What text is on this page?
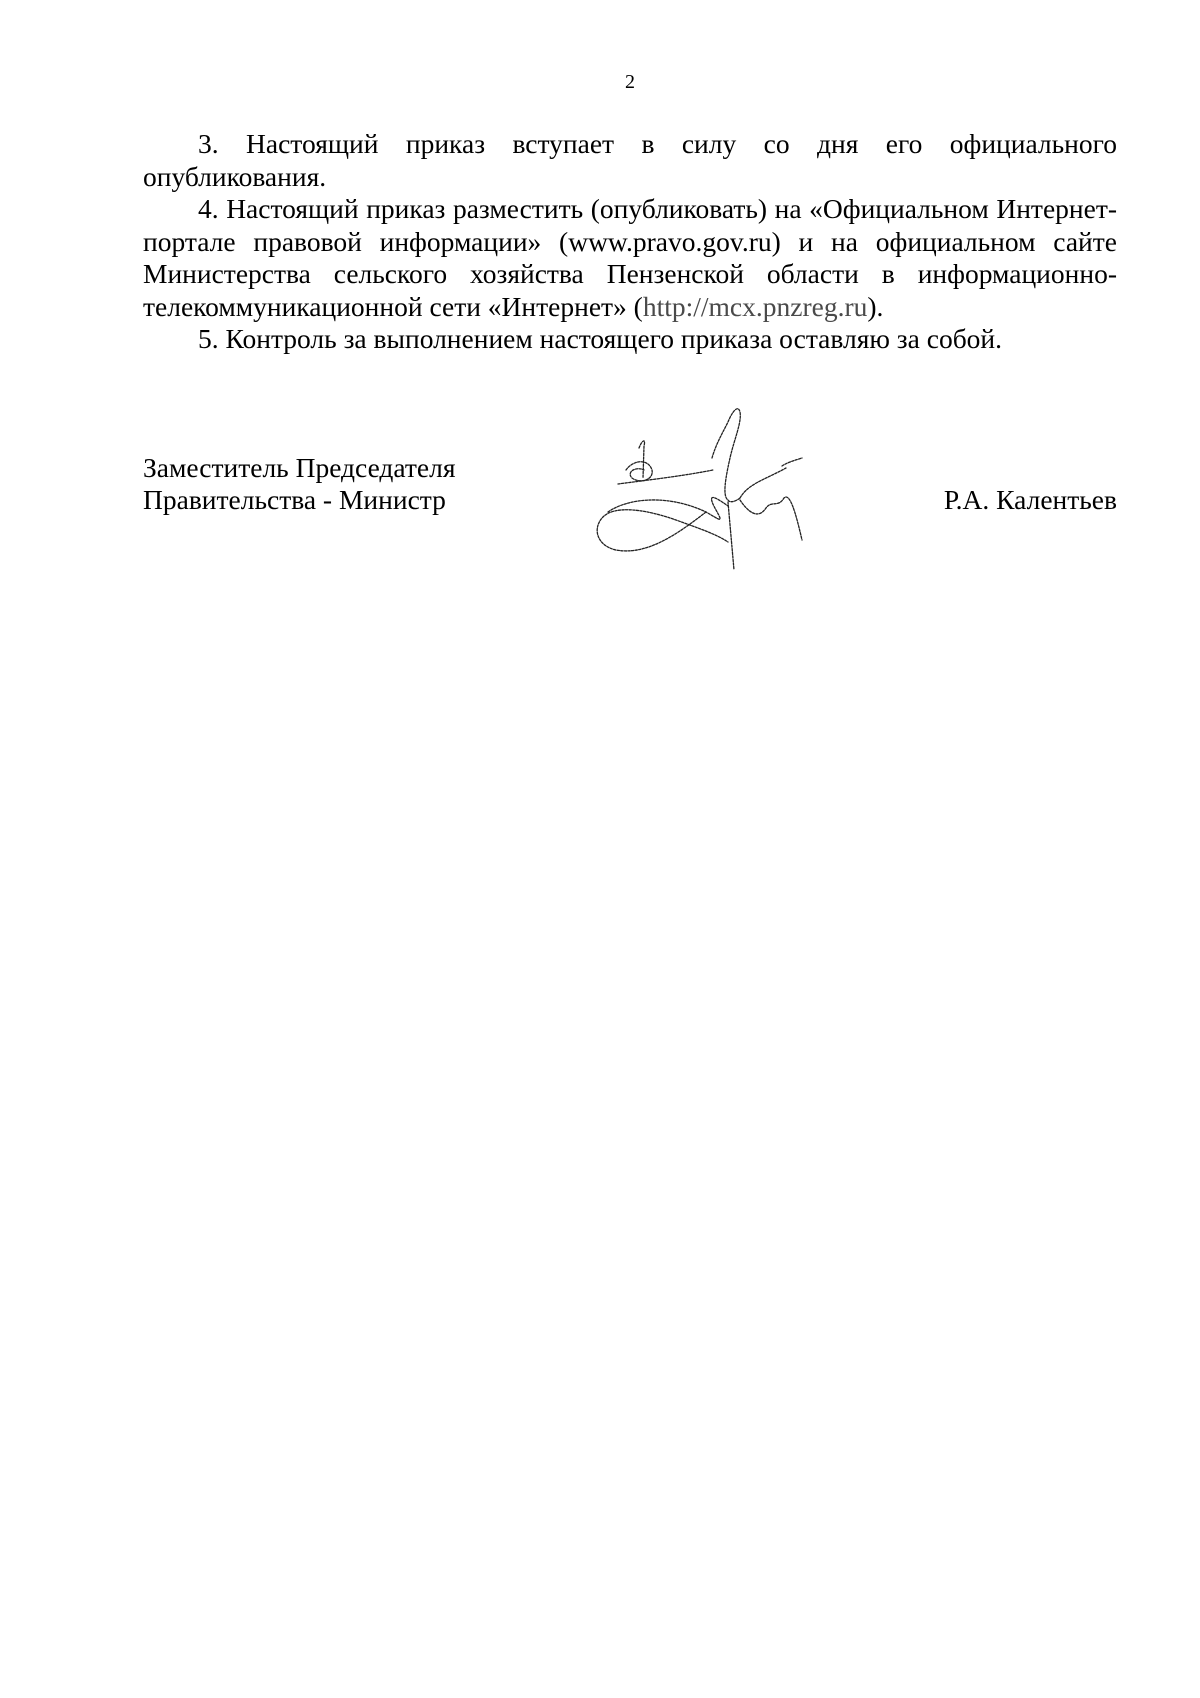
2

3. Настоящий приказ вступает в силу со дня его официального опубликования.

4. Настоящий приказ разместить (опубликовать) на «Официальном Интернет-портале правовой информации» (www.pravo.gov.ru) и на официальном сайте Министерства сельского хозяйства Пензенской области в информационно-телекоммуникационной сети «Интернет» (http://mcx.pnzreg.ru).

5. Контроль за выполнением настоящего приказа оставляю за собой.

Заместитель Председателя
Правительства - Министр	Р.А. Калентьев
